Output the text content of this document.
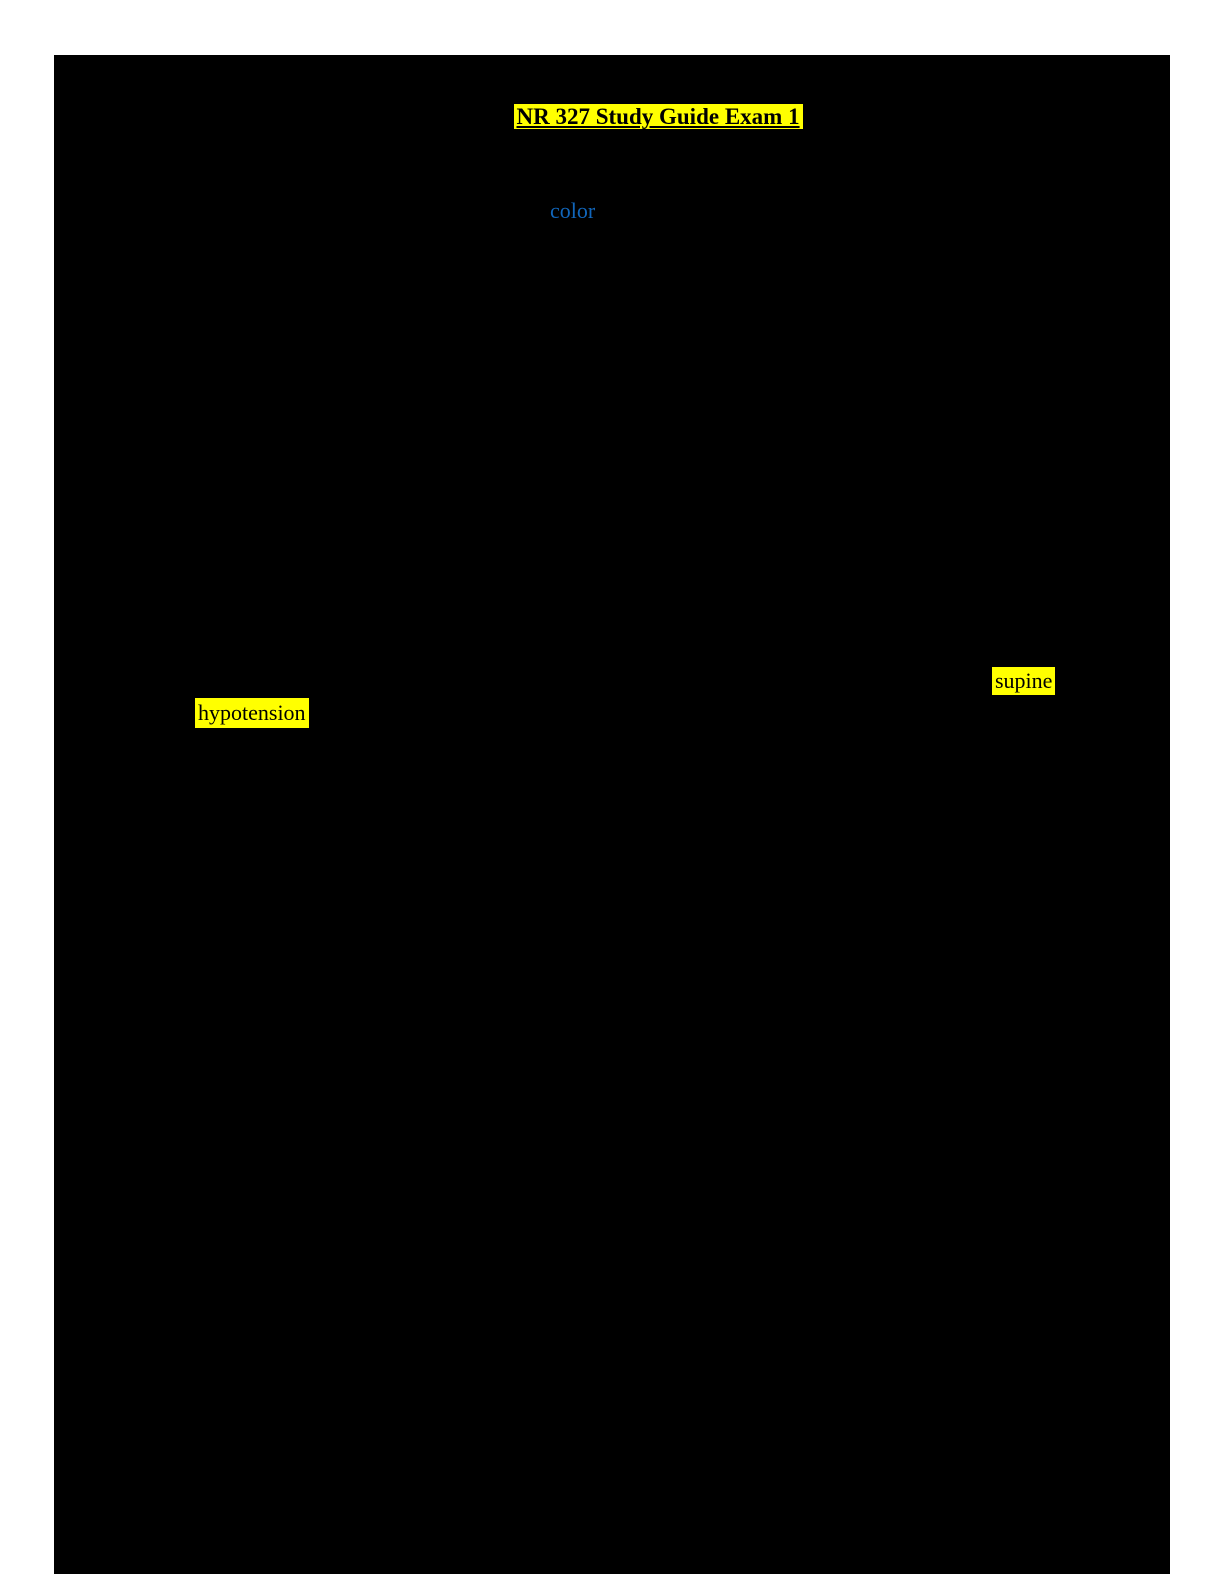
NR 327 Study Guide Exam 1

color
supine
hypotension
